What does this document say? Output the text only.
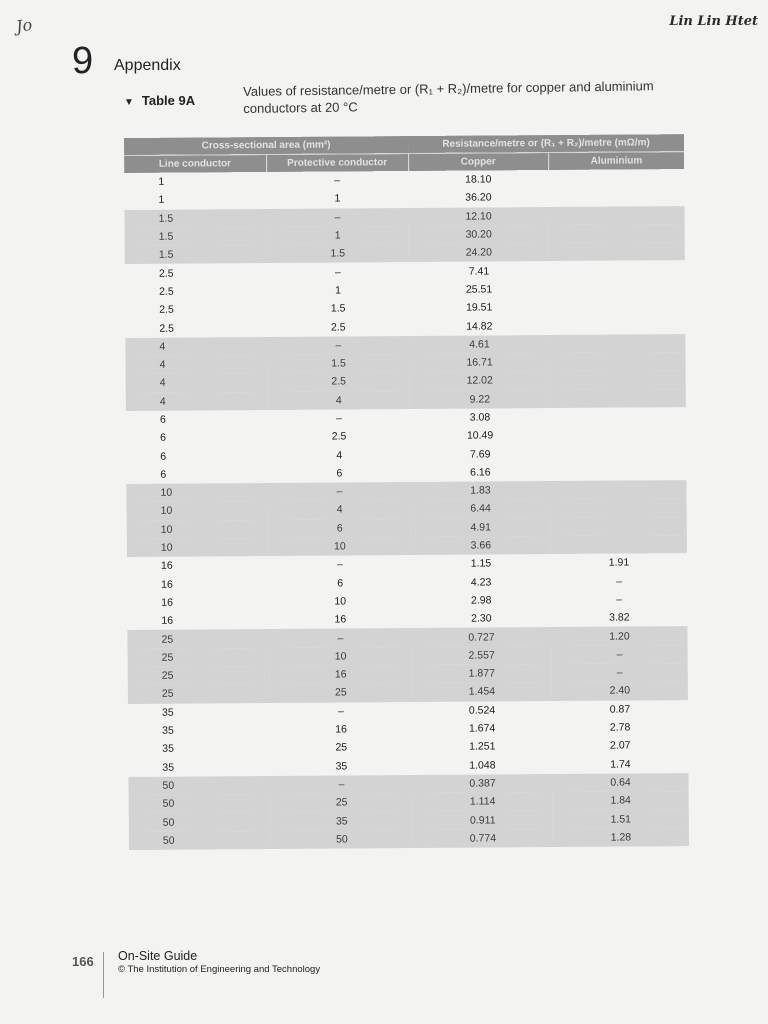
Jo	Lin Lin Htet
9 Appendix
▼ Table 9A
Values of resistance/metre or (R₁ + R₂)/metre for copper and aluminium conductors at 20 °C
Cross-sectional area (mm²)		Resistance/metre or (R₁ + R₂)/metre (mΩ/m)	
Line conductor	Protective conductor	Copper	Aluminium
1	–	18.10	
1	1	36.20	
1.5	–	12.10	
1.5	1	30.20	
1.5	1.5	24.20	
2.5	–	7.41	
2.5	1	25.51	
2.5	1.5	19.51	
2.5	2.5	14.82	
4	–	4.61	
4	1.5	16.71	
4	2.5	12.02	
4	4	9.22	
6	–	3.08	
6	2.5	10.49	
6	4	7.69	
6	6	6.16	
10	–	1.83	
10	4	6.44	
10	6	4.91	
10	10	3.66	
16	–	1.15	1.91
16	6	4.23	–
16	10	2.98	–
16	16	2.30	3.82
25	–	0.727	1.20
25	10	2.557	–
25	16	1.877	–
25	25	1.454	2.40
35	–	0.524	0.87
35	16	1.674	2.78
35	25	1.251	2.07
35	35	1.048	1.74
50	–	0.387	0.64
50	25	1.114	1.84
50	35	0.911	1.51
50	50	0.774	1.28
166 On-Site Guide
© The Institution of Engineering and Technology
